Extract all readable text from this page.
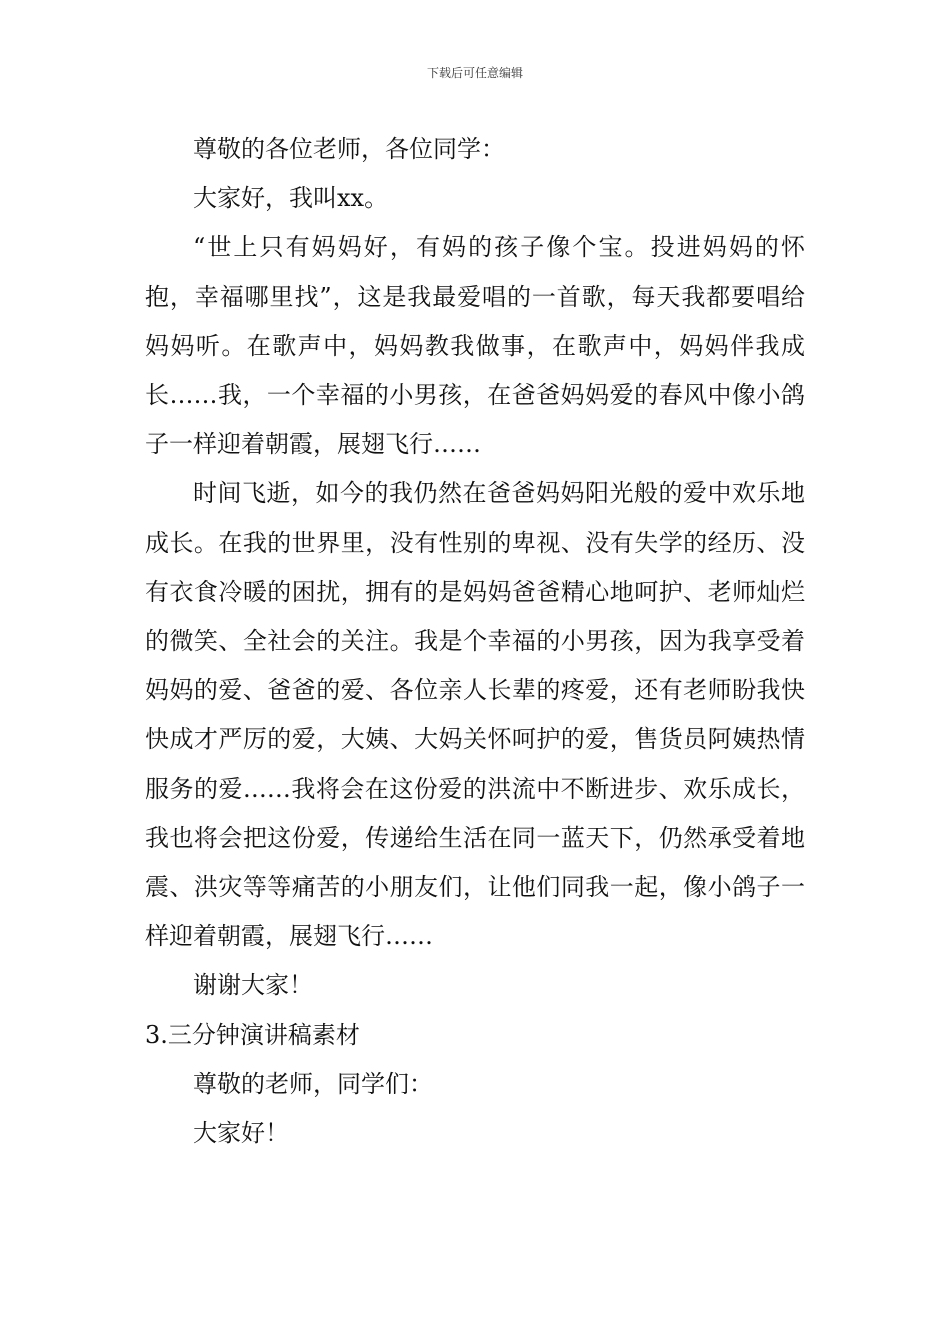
下载后可任意编辑

尊敬的各位老师，各位同学：

大家好，我叫xx。

“世上只有妈妈好，有妈的孩子像个宝。投进妈妈的怀抱，幸福哪里找”，这是我最爱唱的一首歌，每天我都要唱给妈妈听。在歌声中，妈妈教我做事，在歌声中，妈妈伴我成长……我，一个幸福的小男孩，在爸爸妈妈爱的春风中像小鸽子一样迎着朝霞，展翅飞行……

时间飞逝，如今的我仍然在爸爸妈妈阳光般的爱中欢乐地成长。在我的世界里，没有性别的卑视、没有失学的经历、没有衣食冷暖的困扰，拥有的是妈妈爸爸精心地呵护、老师灿烂的微笑、全社会的关注。我是个幸福的小男孩，因为我享受着妈妈的爱、爸爸的爱、各位亲人长辈的疼爱，还有老师盼我快快成才严厉的爱，大姨、大妈关怀呵护的爱，售货员阿姨热情服务的爱……我将会在这份爱的洪流中不断进步、欢乐成长，我也将会把这份爱，传递给生活在同一蓝天下，仍然承受着地震、洪灾等等痛苦的小朋友们，让他们同我一起，像小鸽子一样迎着朝霞，展翅飞行……

谢谢大家！

3.三分钟演讲稿素材

尊敬的老师，同学们：

大家好！
